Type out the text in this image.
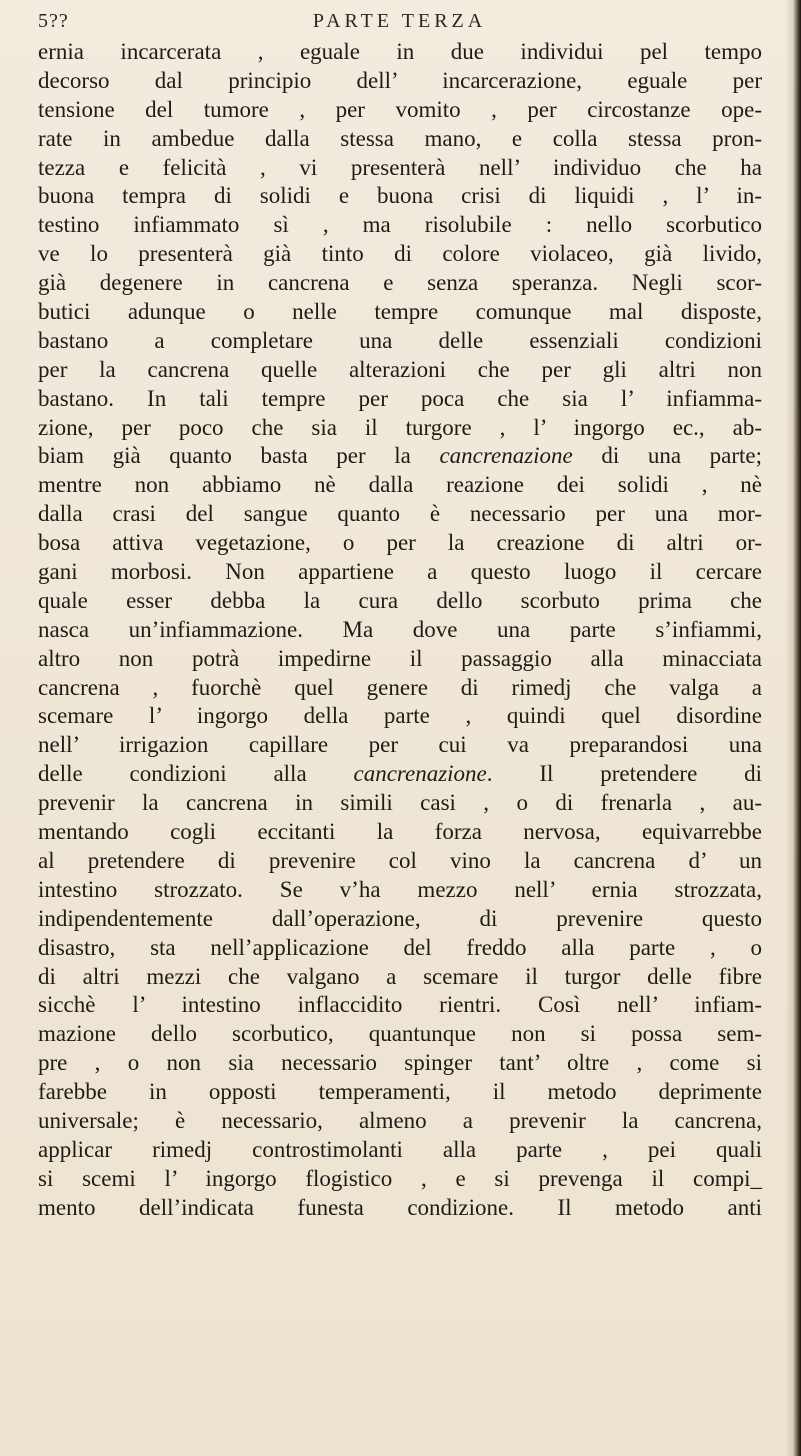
5??	PARTE TERZA
ernia incarcerata , eguale in due individui pel tempo
decorso dal principio dell’ incarcerazione, eguale per
tensione del tumore , per vomito , per circostanze ope-
rate in ambedue dalla stessa mano, e colla stessa pron-
tezza e felicità , vi presenterà nell’ individuo che ha
buona tempra di solidi e buona crisi di liquidi , l’ in-
testino infiammato sì , ma risolubile : nello scorbutico
ve lo presenterà già tinto di colore violaceo, già livido,
già degenere in cancrena e senza speranza. Negli scor-
butici adunque o nelle tempre comunque mal disposte,
bastano a completare una delle essenziali condizioni
per la cancrena quelle alterazioni che per gli altri non
bastano. In tali tempre per poca che sia l’ infiamma-
zione, per poco che sia il turgore , l’ ingorgo ec., ab-
biam già quanto basta per la cancrenazione di una parte;
mentre non abbiamo nè dalla reazione dei solidi , nè
dalla crasi del sangue quanto è necessario per una mor-
bosa attiva vegetazione, o per la creazione di altri or-
gani morbosi. Non appartiene a questo luogo il cercare
quale esser debba la cura dello scorbuto prima che
nasca un’infiammazione. Ma dove una parte s’infiammi,
altro non potrà impedirne il passaggio alla minacciata
cancrena , fuorchè quel genere di rimedj che valga a
scemare l’ ingorgo della parte , quindi quel disordine
nell’ irrigazion capillare per cui va preparandosi una
delle condizioni alla cancrenazione. Il pretendere di
prevenir la cancrena in simili casi , o di frenarla , au-
mentando cogli eccitanti la forza nervosa, equivarrebbe
al pretendere di prevenire col vino la cancrena d’ un
intestino strozzato. Se v’ha mezzo nell’ ernia strozzata,
indipendentemente dall’operazione, di prevenire questo
disastro, sta nell’applicazione del freddo alla parte , o
di altri mezzi che valgano a scemare il turgor delle fibre
sicchè l’ intestino inflaccidito rientri. Così nell’ infiam-
mazione dello scorbutico, quantunque non si possa sem-
pre , o non sia necessario spinger tant’ oltre , come si
farebbe in opposti temperamenti, il metodo deprimente
universale; è necessario, almeno a prevenir la cancrena,
applicar rimedj controstimolanti alla parte , pei quali
si scemi l’ ingorgo flogistico , e si prevenga il compi_
mento dell’indicata funesta condizione. Il metodo anti
